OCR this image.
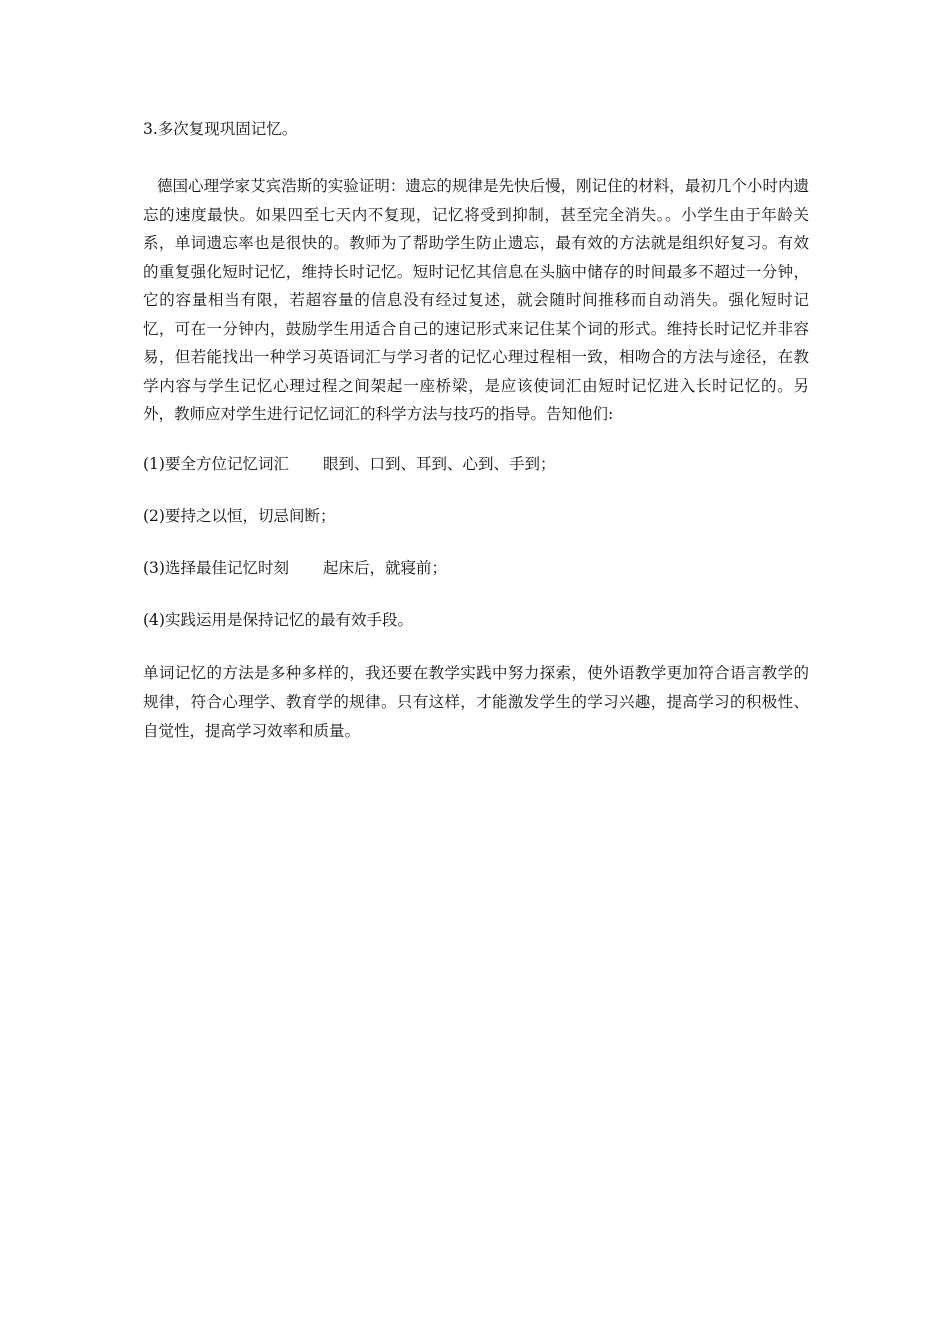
3.多次复现巩固记忆。

德国心理学家艾宾浩斯的实验证明：遗忘的规律是先快后慢，刚记住的材料，最初几个小时内遗忘的速度最快。如果四至七天内不复现，记忆将受到抑制，甚至完全消失。。小学生由于年龄关系，单词遗忘率也是很快的。教师为了帮助学生防止遗忘，最有效的方法就是组织好复习。有效的重复强化短时记忆，维持长时记忆。短时记忆其信息在头脑中储存的时间最多不超过一分钟，它的容量相当有限，若超容量的信息没有经过复述，就会随时间推移而自动消失。强化短时记忆，可在一分钟内，鼓励学生用适合自己的速记形式来记住某个词的形式。维持长时记忆并非容易，但若能找出一种学习英语词汇与学习者的记忆心理过程相一致，相吻合的方法与途径，在教学内容与学生记忆心理过程之间架起一座桥梁，是应该使词汇由短时记忆进入长时记忆的。另外，教师应对学生进行记忆词汇的科学方法与技巧的指导。告知他们:

(1)要全方位记忆词汇 眼到、口到、耳到、心到、手到；
(2)要持之以恒，切忌间断；
(3)选择最佳记忆时刻 起床后，就寝前；
(4)实践运用是保持记忆的最有效手段。

单词记忆的方法是多种多样的，我还要在教学实践中努力探索，使外语教学更加符合语言教学的规律，符合心理学、教育学的规律。只有这样，才能激发学生的学习兴趣，提高学习的积极性、自觉性，提高学习效率和质量。
